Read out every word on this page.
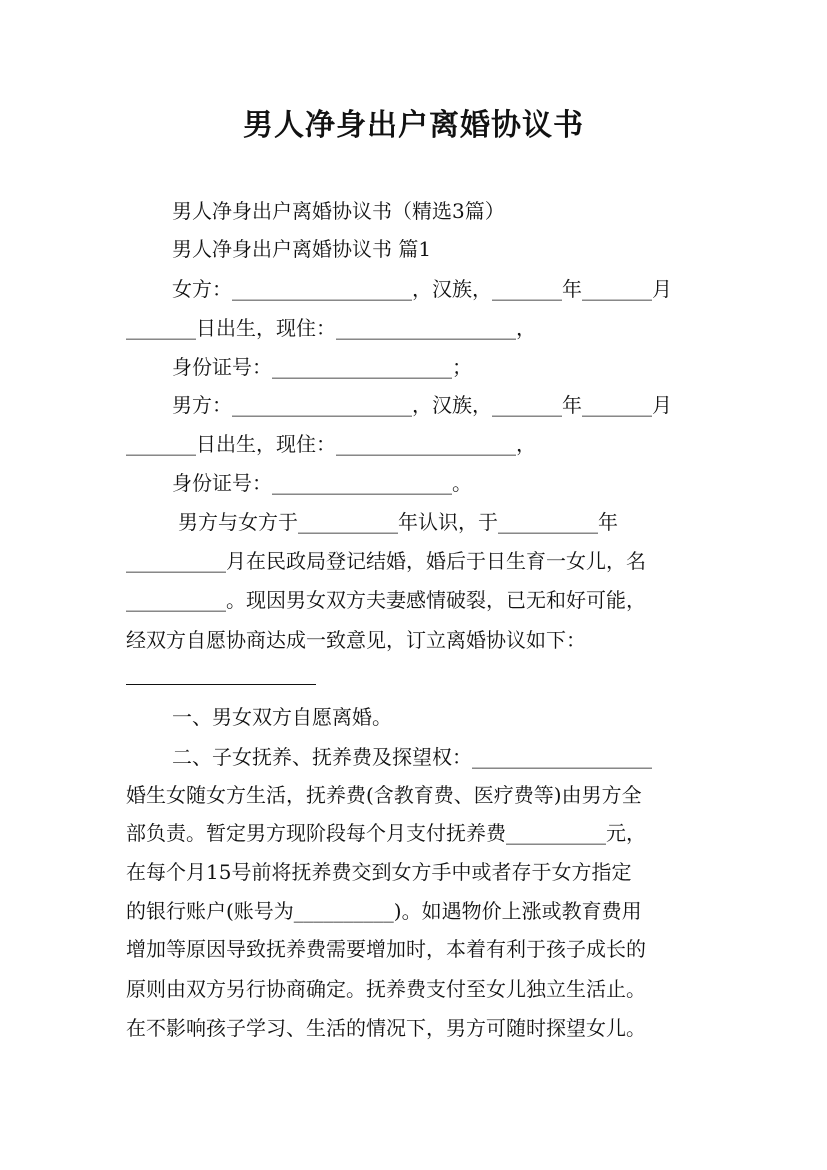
男人净身出户离婚协议书
男人净身出户离婚协议书（精选3篇）
男人净身出户离婚协议书 篇1
女方：__________________，汉族，_______年_______月
_______日出生，现住：__________________，
身份证号：__________________；
男方：__________________，汉族，_______年_______月
_______日出生，现住：__________________，
身份证号：__________________。
男方与女方于__________年认识，于__________年
__________月在民政局登记结婚，婚后于日生育一女儿，名
__________。现因男女双方夫妻感情破裂，已无和好可能，
经双方自愿协商达成一致意见，订立离婚协议如下：
一、男女双方自愿离婚。
二、子女抚养、抚养费及探望权：__________________
婚生女随女方生活，抚养费(含教育费、医疗费等)由男方全
部负责。暂定男方现阶段每个月支付抚养费__________元，
在每个月15号前将抚养费交到女方手中或者存于女方指定
的银行账户(账号为__________)。如遇物价上涨或教育费用
增加等原因导致抚养费需要增加时，本着有利于孩子成长的
原则由双方另行协商确定。抚养费支付至女儿独立生活止。
在不影响孩子学习、生活的情况下，男方可随时探望女儿。
